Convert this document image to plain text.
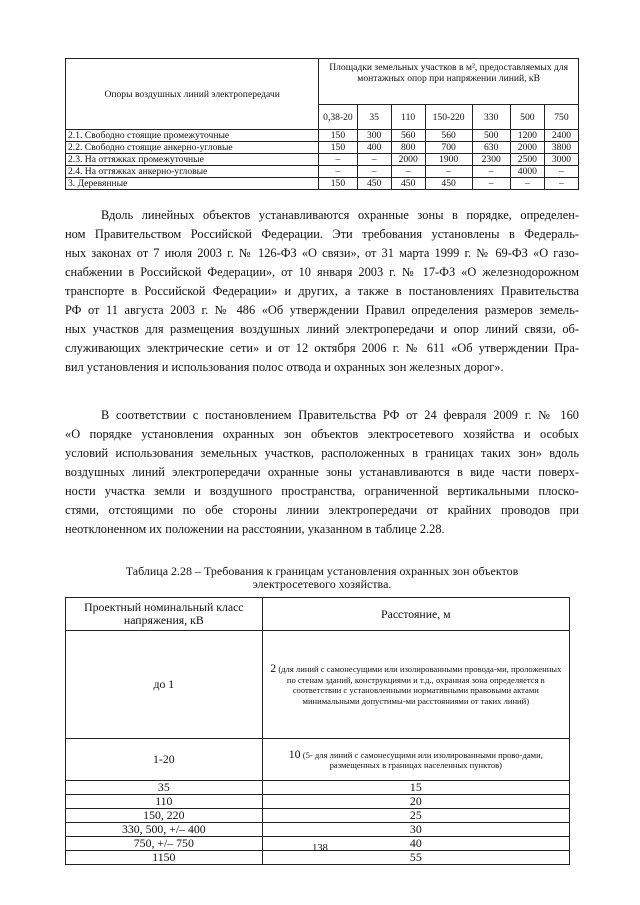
Опоры воздушных линий электропередачи	Площадки земельных участков в м², предоставляемых для монтажных опор при напряжении линий, кВ						
	0,38-20	35	110	150-220	330	500	750
2.1. Свободно стоящие промежуточные	150	300	560	560	500	1200	2400
2.2. Свободно стоящие анкерно-угловые	150	400	800	700	630	2000	3800
2.3. На оттяжках промежуточные	–	–	2000	1900	2300	2500	3000
2.4. На оттяжках анкерно-угловые	–	–	–	–	–	4000	–
3. Деревянные	150	450	450	450	–	–	–
Вдоль линейных объектов устанавливаются охранные зоны в порядке, определен-
ном Правительством Российской Федерации. Эти требования установлены в Федераль-
ных законах от 7 июля 2003 г. № 126-ФЗ «О связи», от 31 марта 1999 г. № 69-ФЗ «О газо-
снабжении в Российской Федерации», от 10 января 2003 г. № 17-ФЗ «О железнодорожном
транспорте в Российской Федерации» и других, а также в постановлениях Правительства
РФ от 11 августа 2003 г. № 486 «Об утверждении Правил определения размеров земель-
ных участков для размещения воздушных линий электропередачи и опор линий связи, об-
служивающих электрические сети» и от 12 октября 2006 г. № 611 «Об утверждении Пра-
вил установления и использования полос отвода и охранных зон железных дорог».
В соответствии с постановлением Правительства РФ от 24 февраля 2009 г. № 160
«О порядке установления охранных зон объектов электросетевого хозяйства и особых
условий использования земельных участков, расположенных в границах таких зон» вдоль
воздушных линий электропередачи охранные зоны устанавливаются в виде части поверх-
ности участка земли и воздушного пространства, ограниченной вертикальными плоско-
стями, отстоящими по обе стороны линии электропередачи от крайних проводов при
неотклоненном их положении на расстоянии, указанном в таблице 2.28.
Таблица 2.28 – Требования к границам установления охранных зон объектов
электросетевого хозяйства.
Проектный номинальный класс напряжения, кВ	Расстояние, м
до 1	2 (для линий с самонесущими или изолированными провода-ми, проложенных по стенам зданий, конструкциями и т.д., охранная зона определяется в соответствии с установленными нормативными правовыми актами минимальными допустимы-ми расстояниями от таких линий)
1-20	10 (5- для линий с самонесущими или изолированными прово-дами, размещенных в границах населенных пунктов)
35	15
110	20
150, 220	25
330, 500, +/– 400	30
750, +/– 750	40
1150	55
138
